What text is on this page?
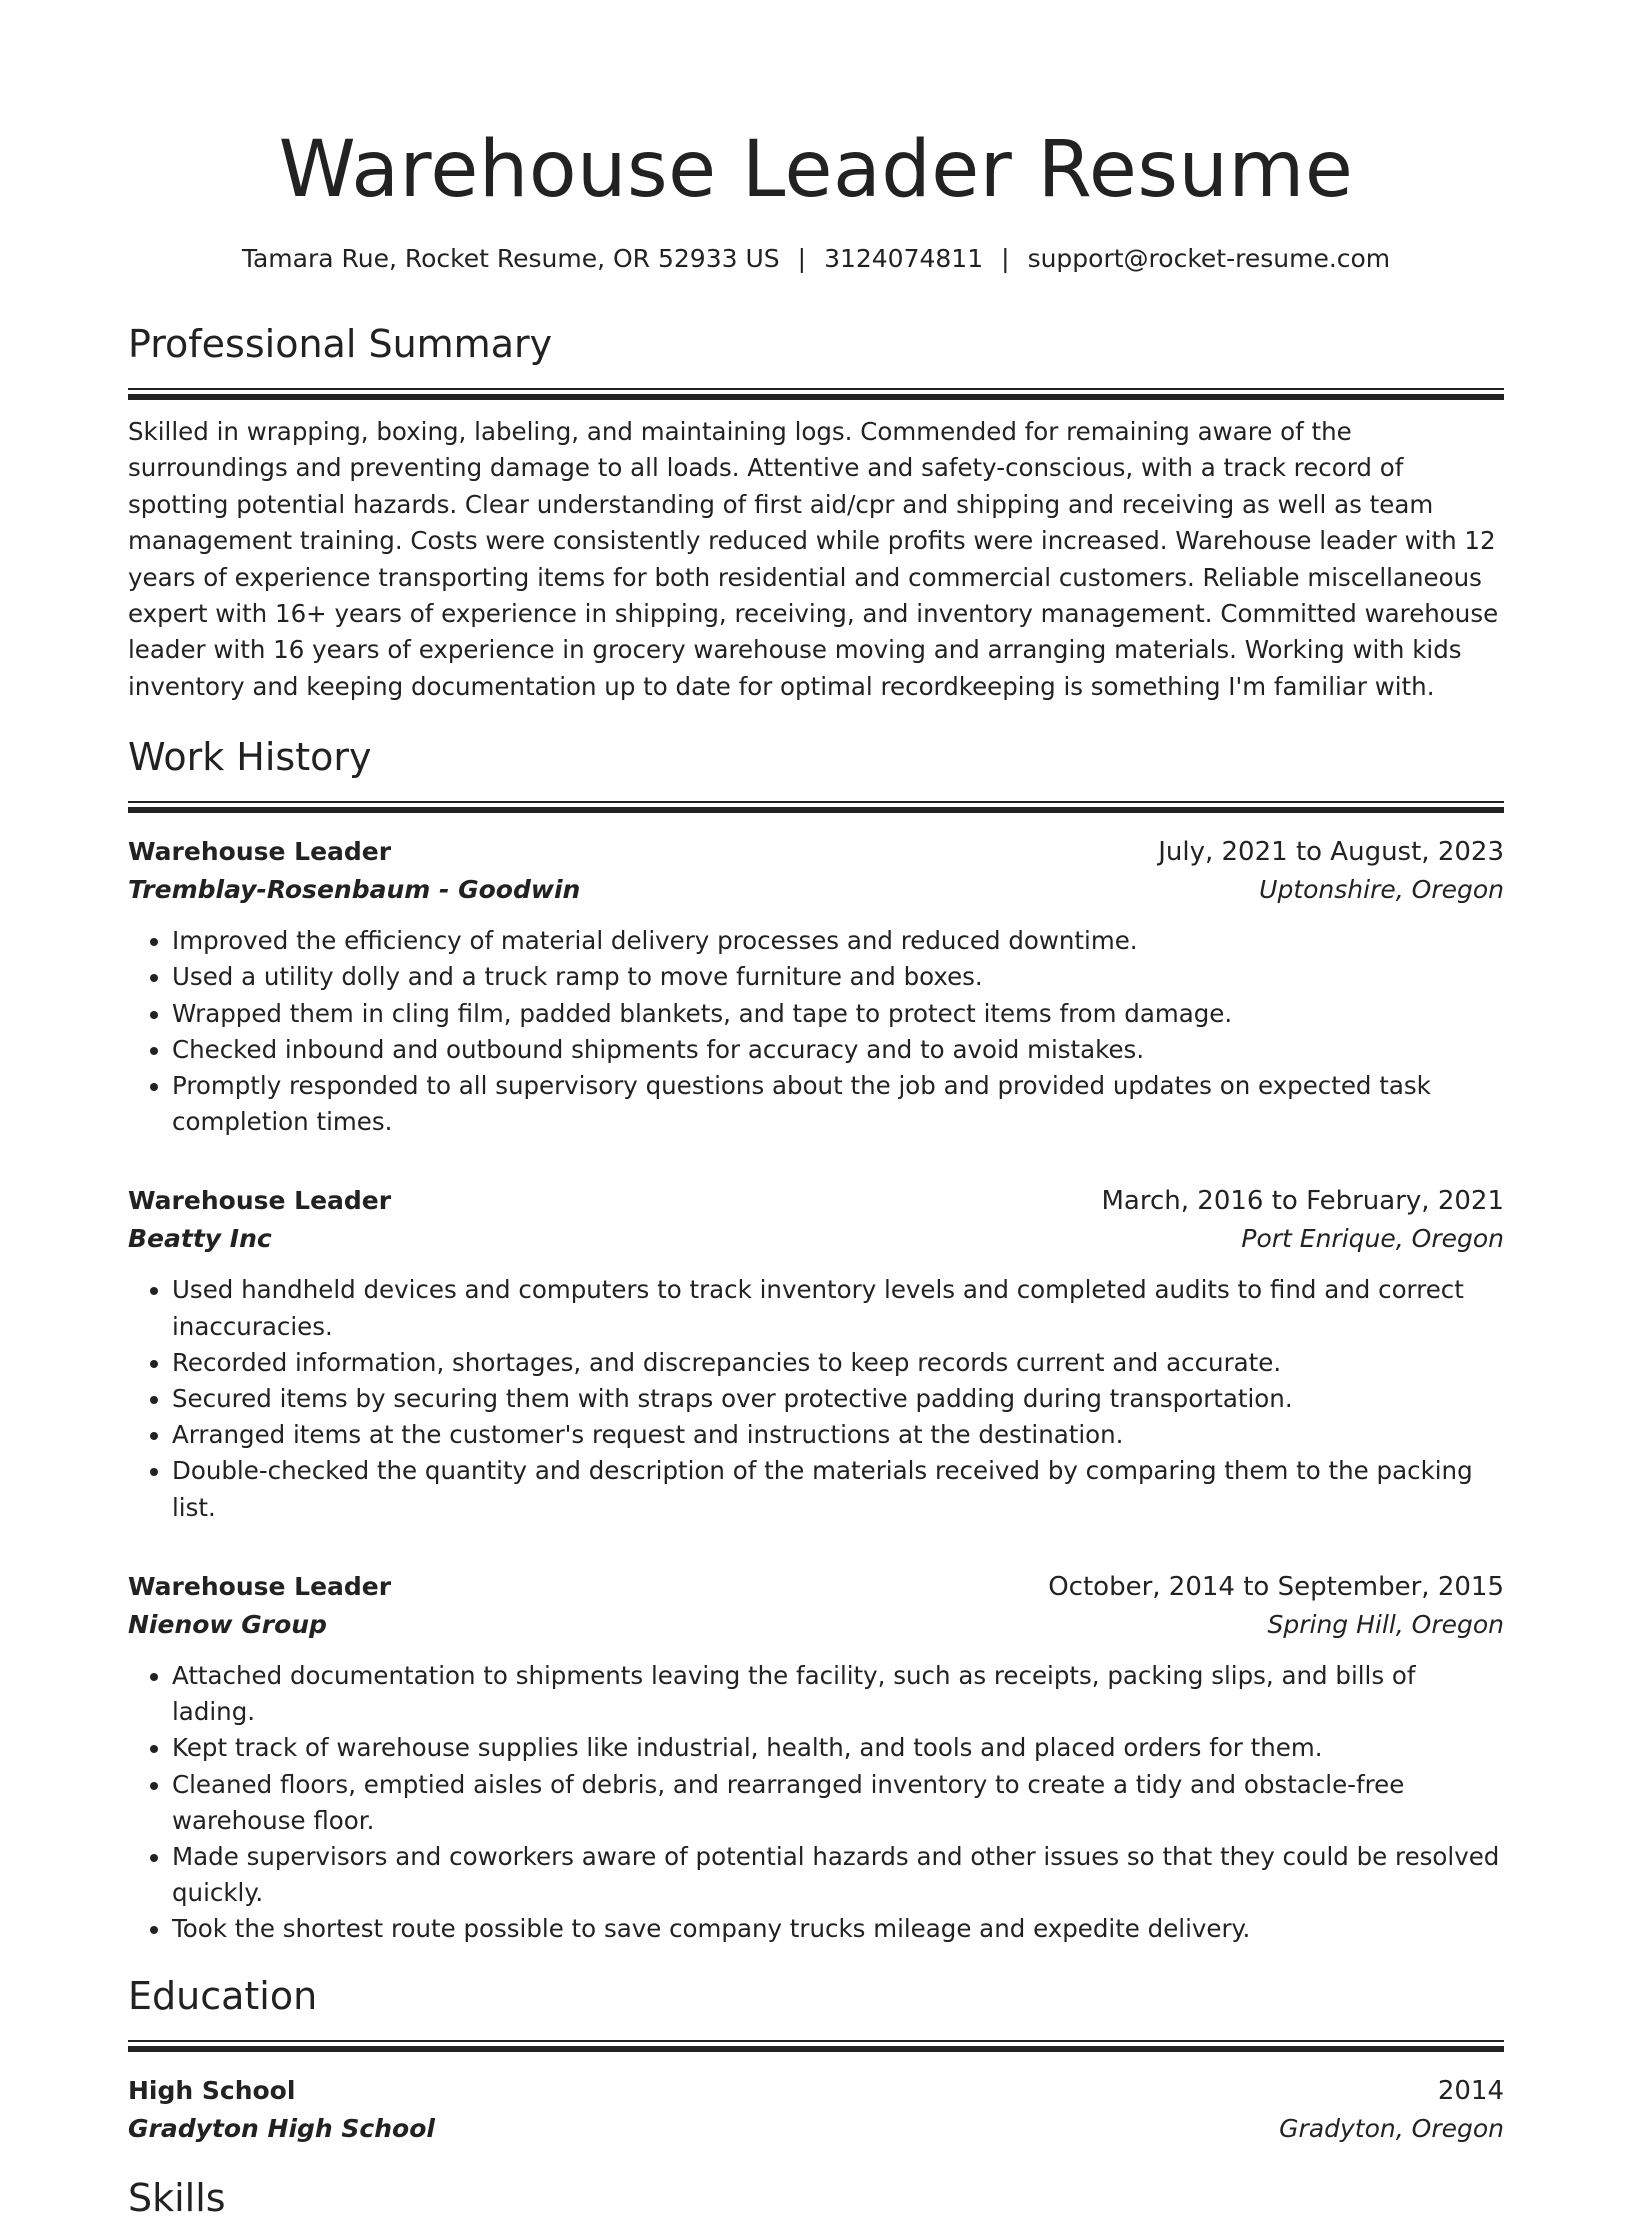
Warehouse Leader Resume
Tamara Rue, Rocket Resume, OR 52933 US | 3124074811 | support@rocket-resume.com
Professional Summary
Skilled in wrapping, boxing, labeling, and maintaining logs. Commended for remaining aware of the surroundings and preventing damage to all loads. Attentive and safety-conscious, with a track record of spotting potential hazards. Clear understanding of first aid/cpr and shipping and receiving as well as team management training. Costs were consistently reduced while profits were increased. Warehouse leader with 12 years of experience transporting items for both residential and commercial customers. Reliable miscellaneous expert with 16+ years of experience in shipping, receiving, and inventory management. Committed warehouse leader with 16 years of experience in grocery warehouse moving and arranging materials. Working with kids inventory and keeping documentation up to date for optimal recordkeeping is something I'm familiar with.
Work History
Warehouse Leader	July, 2021 to August, 2023
Tremblay-Rosenbaum - Goodwin	Uptonshire, Oregon
• Improved the efficiency of material delivery processes and reduced downtime.
• Used a utility dolly and a truck ramp to move furniture and boxes.
• Wrapped them in cling film, padded blankets, and tape to protect items from damage.
• Checked inbound and outbound shipments for accuracy and to avoid mistakes.
• Promptly responded to all supervisory questions about the job and provided updates on expected task completion times.
Warehouse Leader	March, 2016 to February, 2021
Beatty Inc	Port Enrique, Oregon
• Used handheld devices and computers to track inventory levels and completed audits to find and correct inaccuracies.
• Recorded information, shortages, and discrepancies to keep records current and accurate.
• Secured items by securing them with straps over protective padding during transportation.
• Arranged items at the customer's request and instructions at the destination.
• Double-checked the quantity and description of the materials received by comparing them to the packing list.
Warehouse Leader	October, 2014 to September, 2015
Nienow Group	Spring Hill, Oregon
• Attached documentation to shipments leaving the facility, such as receipts, packing slips, and bills of lading.
• Kept track of warehouse supplies like industrial, health, and tools and placed orders for them.
• Cleaned floors, emptied aisles of debris, and rearranged inventory to create a tidy and obstacle-free warehouse floor.
• Made supervisors and coworkers aware of potential hazards and other issues so that they could be resolved quickly.
• Took the shortest route possible to save company trucks mileage and expedite delivery.
Education
High School	2014
Gradyton High School	Gradyton, Oregon
Skills
